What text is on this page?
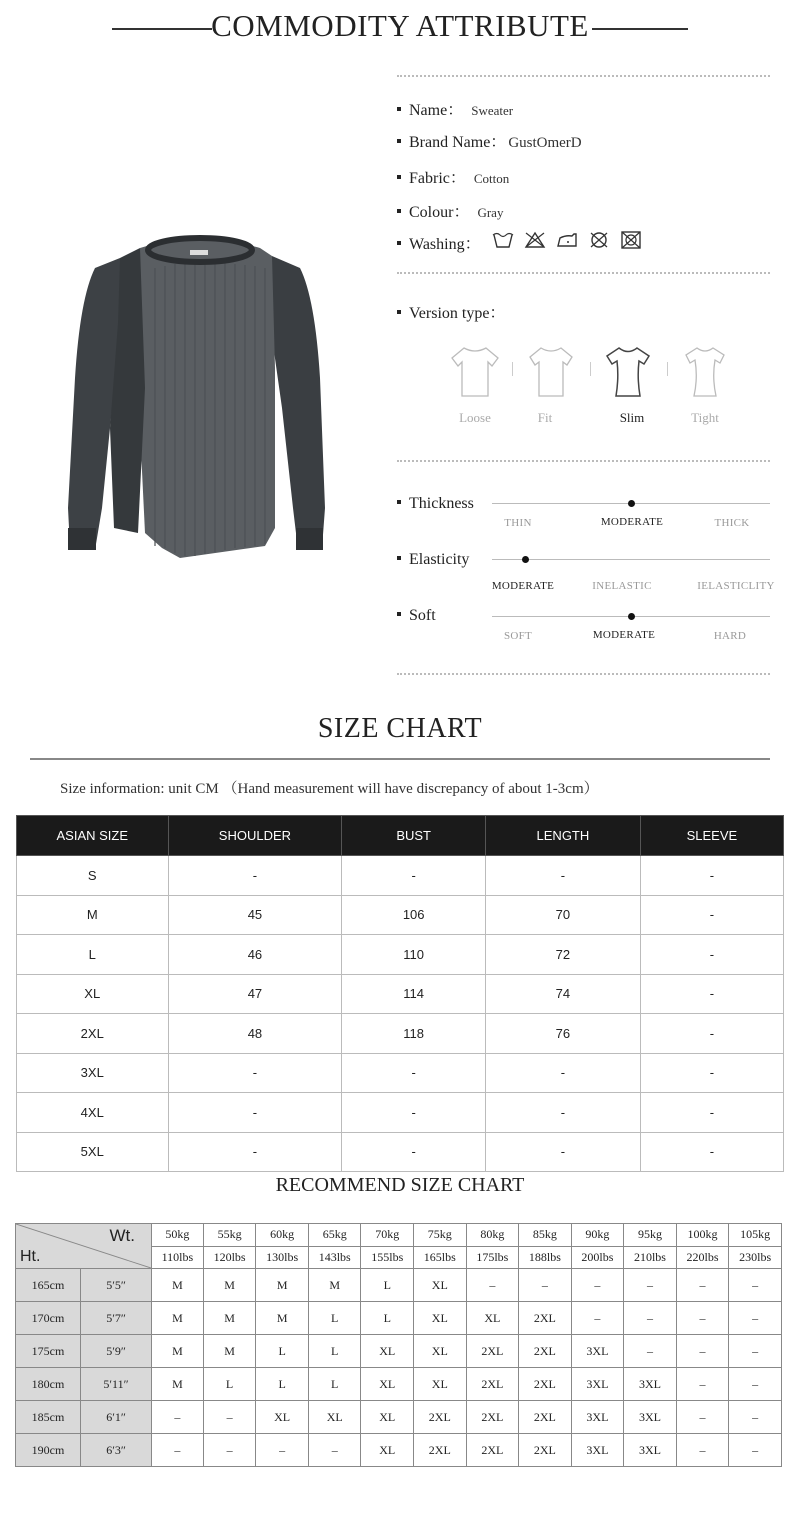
COMMODITY ATTRIBUTE
Name： Sweater
Brand Name： GustOmerD
Fabric： Cotton
Colour： Gray
Washing：
Version type：
Loose	Fit	Slim	Tight
Thickness
THIN	MODERATE	THICK
Elasticity
MODERATE	INELASTIC	IELASTICLITY
Soft
SOFT	MODERATE	HARD
SIZE CHART
Size information: unit CM （Hand measurement will have discrepancy of about 1-3cm）
ASIAN SIZE	SHOULDER	BUST	LENGTH	SLEEVE
S	-	-	-	-
M	45	106	70	-
L	46	110	72	-
XL	47	114	74	-
2XL	48	118	76	-
3XL	-	-	-	-
4XL	-	-	-	-
5XL	-	-	-	-
RECOMMEND SIZE CHART
Wt.
Ht.		50kg	55kg	60kg	65kg	70kg	75kg	80kg	85kg	90kg	95kg	100kg	105kg
		110lbs	120lbs	130lbs	143lbs	155lbs	165lbs	175lbs	188lbs	200lbs	210lbs	220lbs	230lbs
165cm	5′5″	M	M	M	M	L	XL	–	–	–	–	–	–
170cm	5′7″	M	M	M	L	L	XL	XL	2XL	–	–	–	–
175cm	5′9″	M	M	L	L	XL	XL	2XL	2XL	3XL	–	–	–
180cm	5′11″	M	L	L	L	XL	XL	2XL	2XL	3XL	3XL	–	–
185cm	6′1″	–	–	XL	XL	XL	2XL	2XL	2XL	3XL	3XL	–	–
190cm	6′3″	–	–	–	–	XL	2XL	2XL	2XL	3XL	3XL	–	–
